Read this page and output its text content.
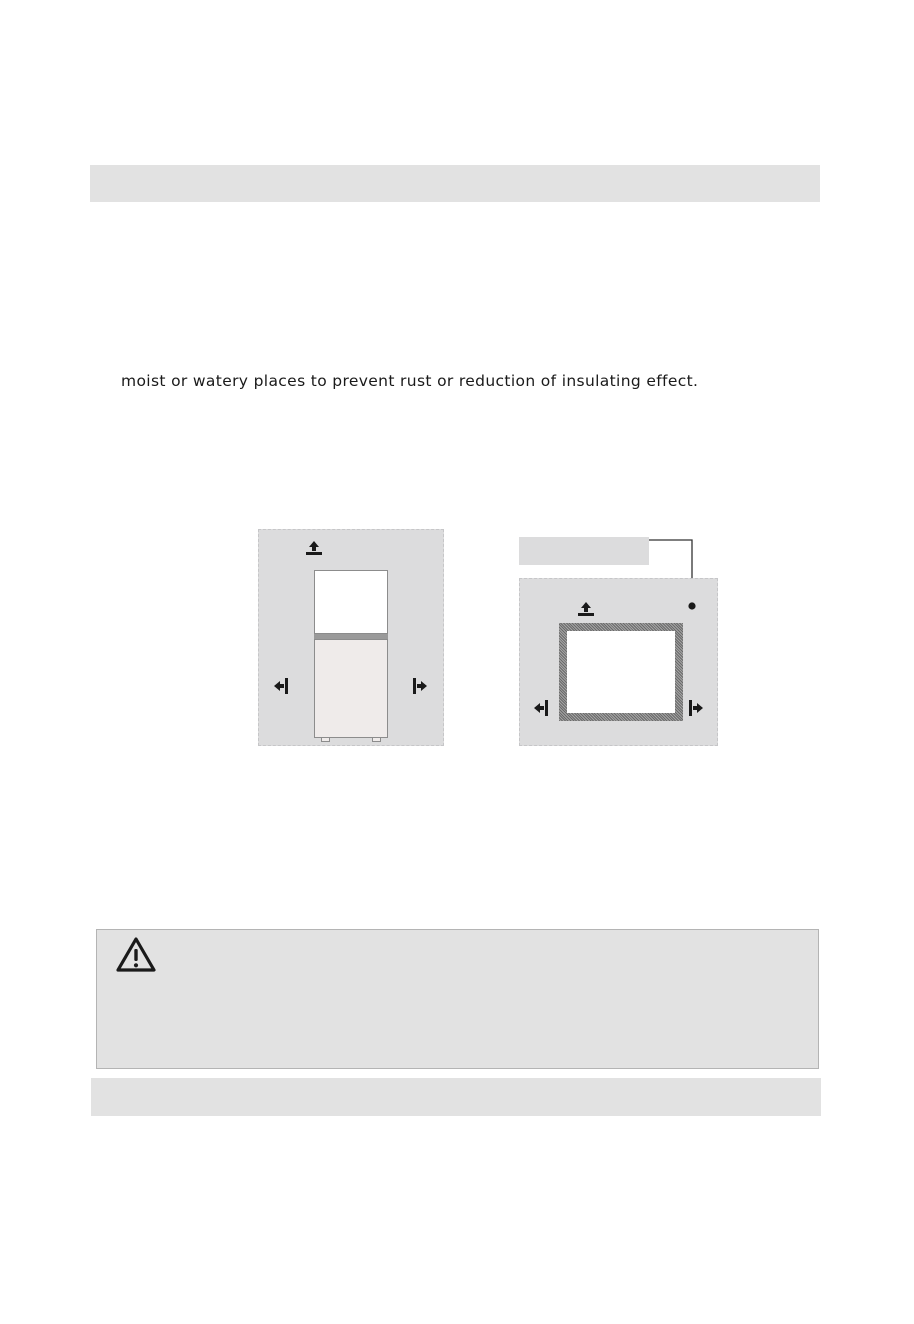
moist or watery places to prevent rust or reduction of insulating effect.
